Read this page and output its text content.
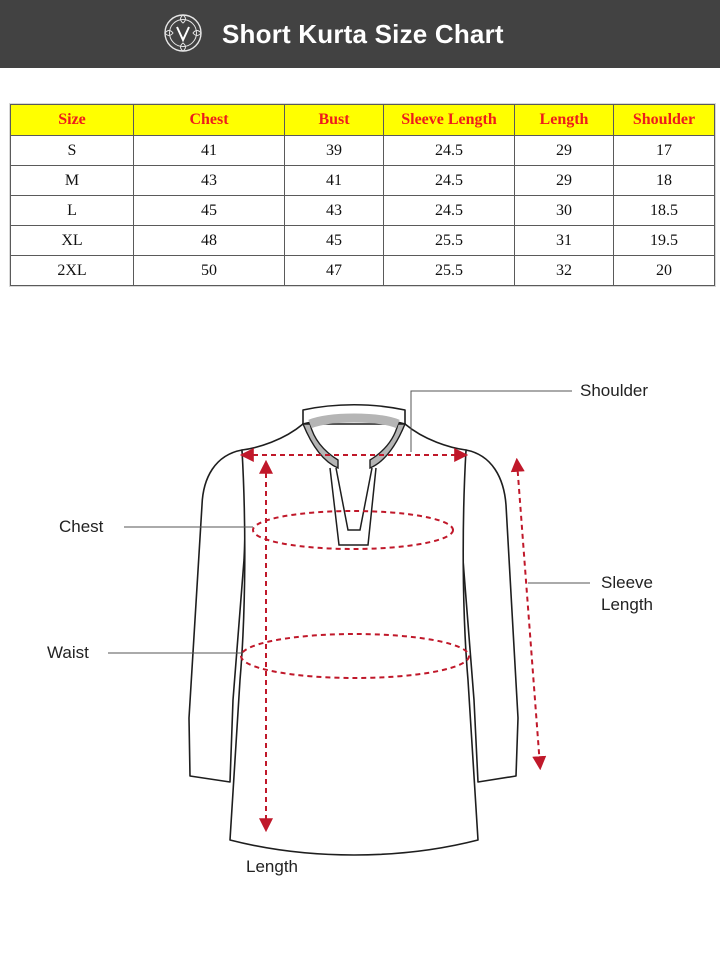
Short Kurta Size Chart
Size	Chest	Bust	Sleeve Length	Length	Shoulder
S	41	39	24.5	29	17
M	43	41	24.5	29	18
L	45	43	24.5	30	18.5
XL	48	45	25.5	31	19.5
2XL	50	47	25.5	32	20
Shoulder
Chest
Waist
Sleeve
Length
Length
